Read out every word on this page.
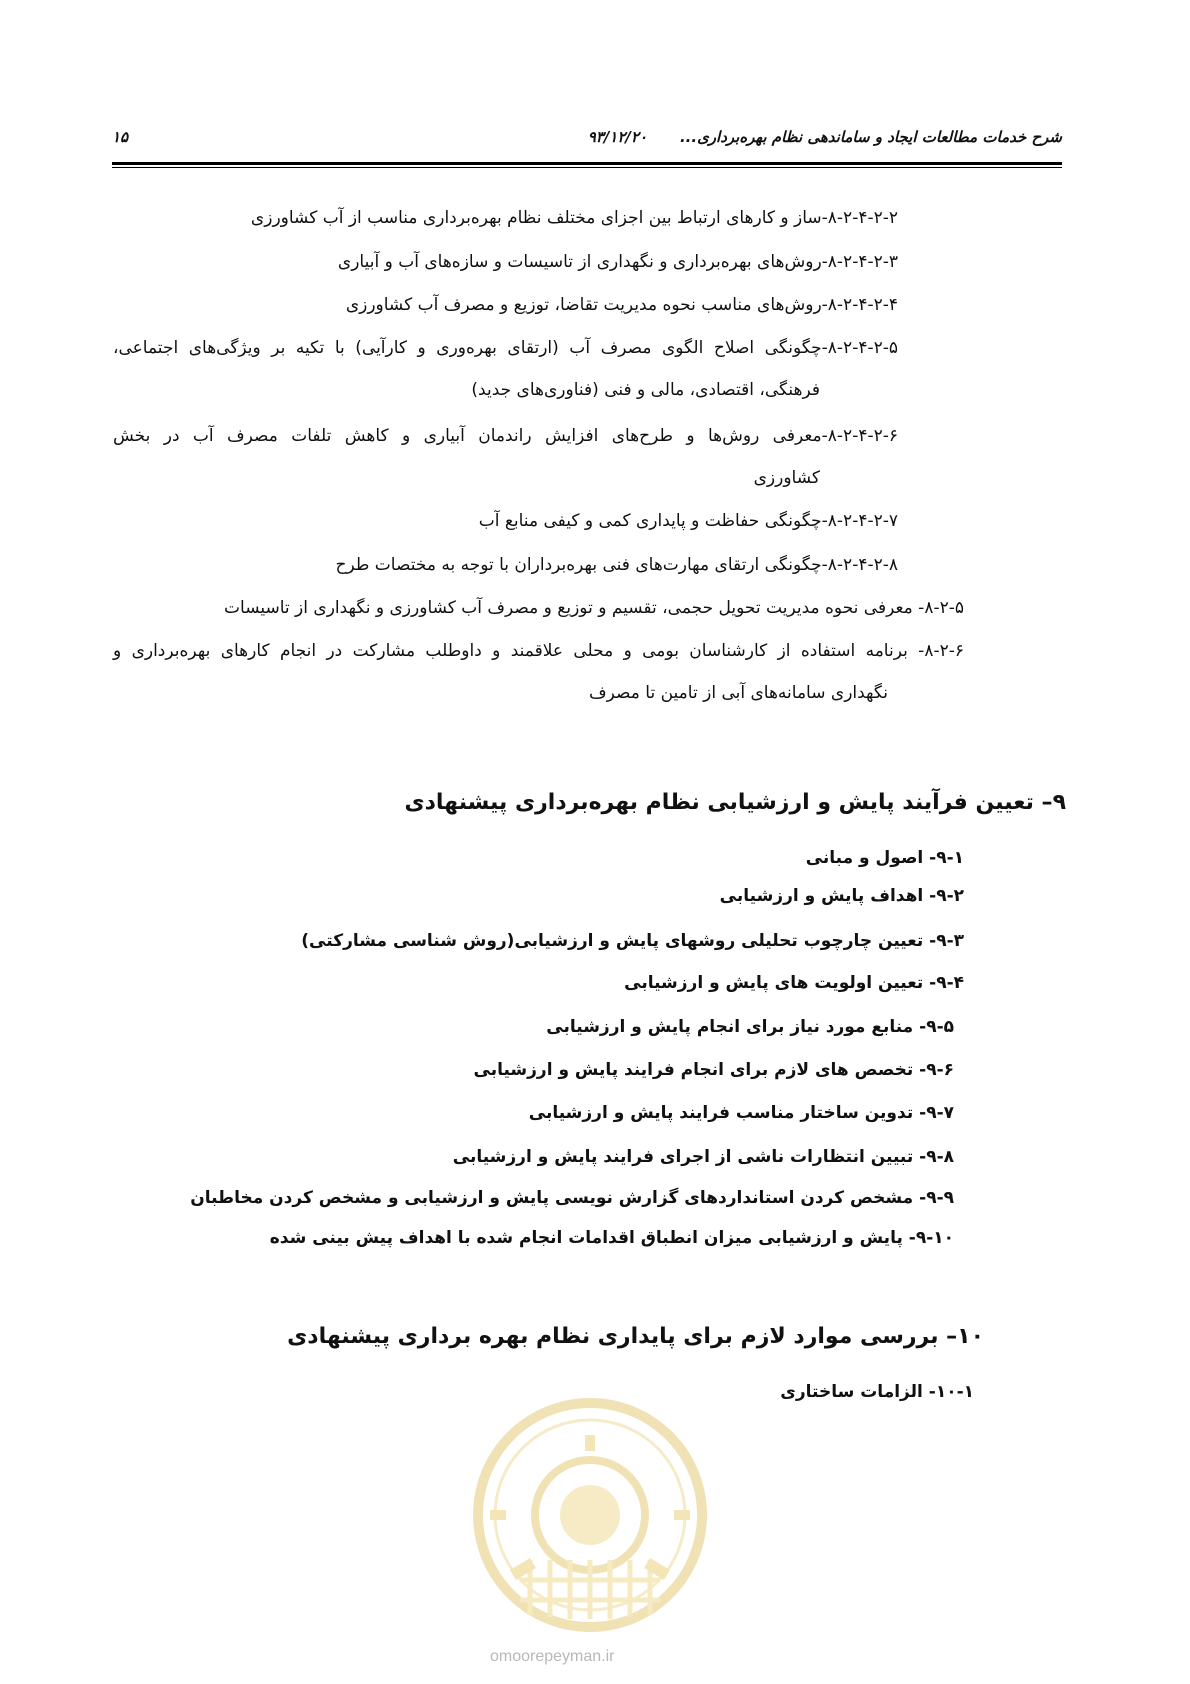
شرح خدمات مطالعات ایجاد و ساماندهی نظام بهره‌برداری...
۹۳/۱۲/۲۰
۱۵
۸-۲-۴-۲-۲-ساز و کارهای ارتباط بین اجزای مختلف نظام بهره‌برداری مناسب از آب کشاورزی
۸-۲-۴-۲-۳-روش‌های بهره‌برداری و نگهداری از تاسیسات و سازه‌های آب و آبیاری
۸-۲-۴-۲-۴-روش‌های مناسب نحوه مدیریت تقاضا، توزیع و مصرف آب کشاورزی
۸-۲-۴-۲-۵-چگونگی اصلاح الگوی مصرف آب (ارتقای بهره‌وری و کارآیی) با تکیه بر ویژگی‌های اجتماعی،
فرهنگی، اقتصادی، مالی و فنی (فناوری‌های جدید)
۸-۲-۴-۲-۶-معرفی روش‌ها و طرح‌های افزایش راندمان آبیاری و کاهش تلفات مصرف آب در بخش
کشاورزی
۸-۲-۴-۲-۷-چگونگی حفاظت و پایداری کمی و کیفی منابع آب
۸-۲-۴-۲-۸-چگونگی ارتقای مهارت‌های فنی بهره‌برداران با توجه به مختصات طرح
۸-۲-۵- معرفی نحوه مدیریت تحویل حجمی، تقسیم و توزیع و مصرف آب کشاورزی و نگهداری از تاسیسات
۸-۲-۶- برنامه استفاده از کارشناسان بومی و محلی علاقمند و داوطلب مشارکت در انجام کارهای بهره‌برداری و
نگهداری سامانه‌های آبی از تامین تا مصرف
۹– تعیین فرآیند پایش و ارزشیابی نظام بهره‌برداری پیشنهادی
۹-۱- اصول و مبانی
۹-۲- اهداف پایش و ارزشیابی
۹-۳- تعیین چارچوب تحلیلی روشهای پایش و ارزشیابی(روش شناسی مشارکتی)
۹-۴- تعیین اولویت های پایش و ارزشیابی
۹-۵- منابع مورد نیاز برای انجام پایش و ارزشیابی
۹-۶- تخصص های لازم برای انجام فرایند پایش و ارزشیابی
۹-۷- تدوین ساختار مناسب فرایند پایش و ارزشیابی
۹-۸- تبیین انتظارات ناشی از اجرای فرایند پایش و ارزشیابی
۹-۹- مشخص کردن استانداردهای گزارش نویسی پایش و ارزشیابی و مشخص کردن مخاطبان
۹-۱۰- پایش و ارزشیابی میزان انطباق اقدامات انجام شده با اهداف پیش بینی شده
۱۰– بررسی موارد لازم برای پایداری نظام بهره برداری پیشنهادی
۱۰-۱- الزامات ساختاری
omoorepeyman.ir
